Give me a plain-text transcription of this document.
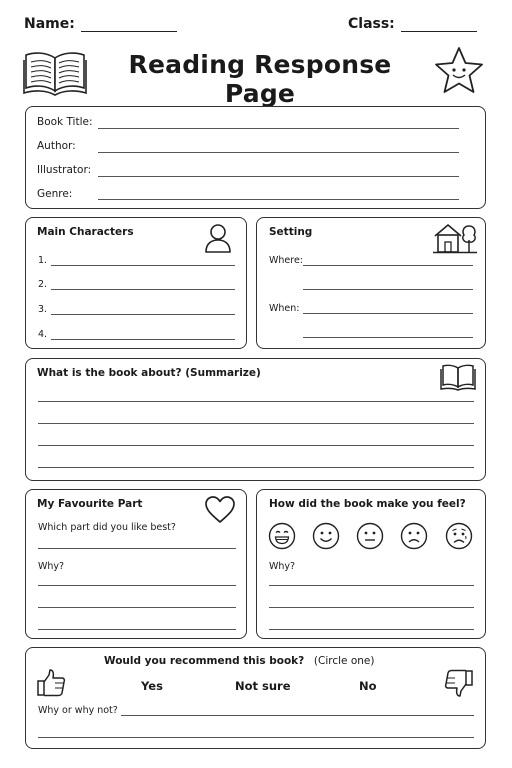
Name:	Class:
Reading Response Page
Book Title:
Author:
Illustrator:
Genre:
Main Characters
1.
2.
3.
4.
Setting
Where:
When:
What is the book about? (Summarize)
My Favourite Part
Which part did you like best?
Why?
How did the book make you feel?
Why?
Would you recommend this book? (Circle one)
Yes	Not sure	No
Why or why not?
